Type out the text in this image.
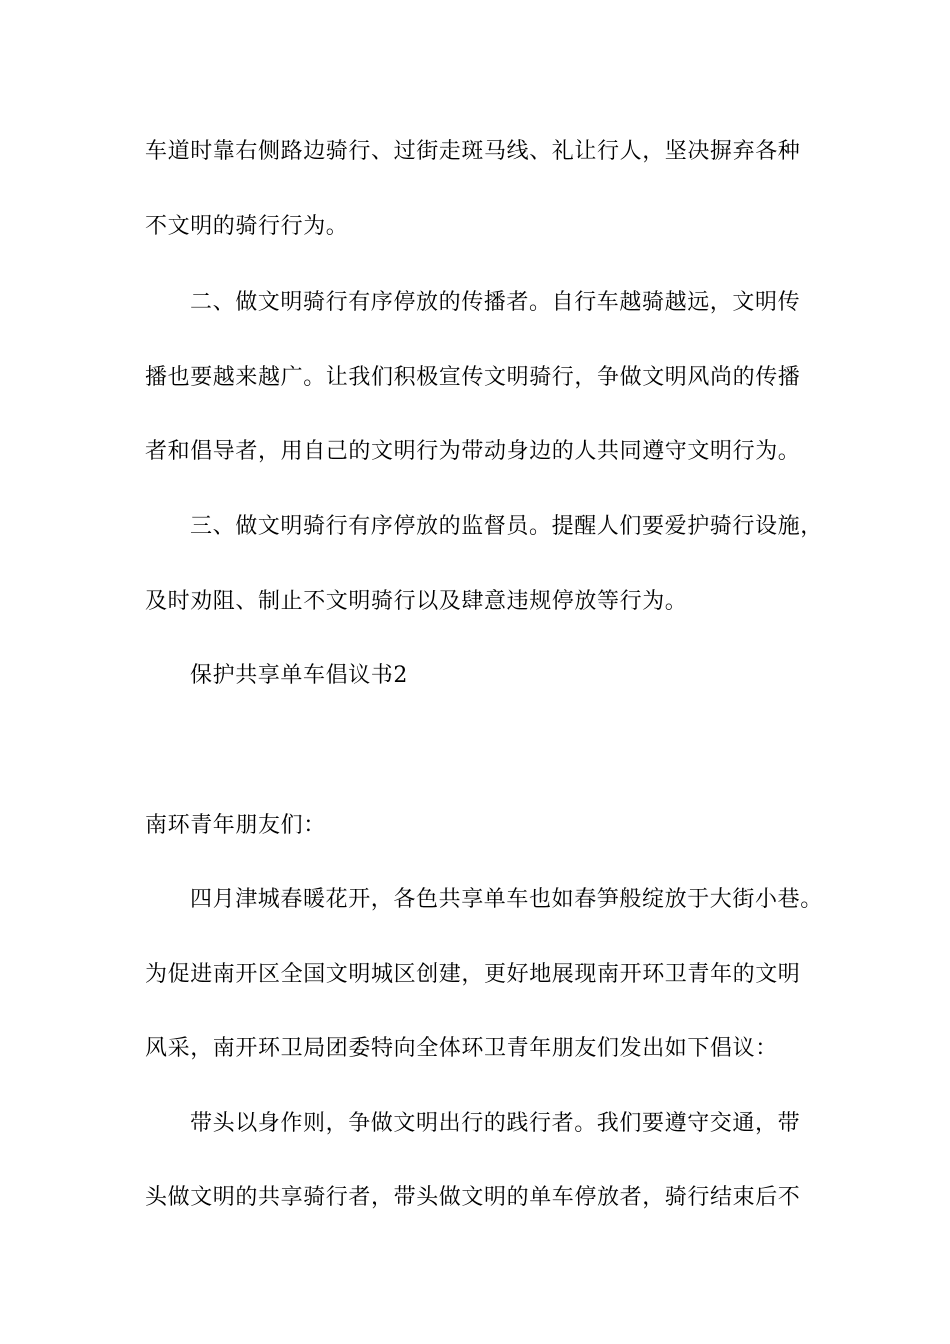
车道时靠右侧路边骑行、过街走斑马线、礼让行人，坚决摒弃各种
不文明的骑行行为。
二、做文明骑行有序停放的传播者。自行车越骑越远，文明传
播也要越来越广。让我们积极宣传文明骑行，争做文明风尚的传播
者和倡导者，用自己的文明行为带动身边的人共同遵守文明行为。
三、做文明骑行有序停放的监督员。提醒人们要爱护骑行设施，
及时劝阻、制止不文明骑行以及肆意违规停放等行为。
保护共享单车倡议书2
南环青年朋友们：
四月津城春暖花开，各色共享单车也如春笋般绽放于大街小巷。
为促进南开区全国文明城区创建，更好地展现南开环卫青年的文明
风采，南开环卫局团委特向全体环卫青年朋友们发出如下倡议：
带头以身作则，争做文明出行的践行者。我们要遵守交通，带
头做文明的共享骑行者，带头做文明的单车停放者，骑行结束后不
